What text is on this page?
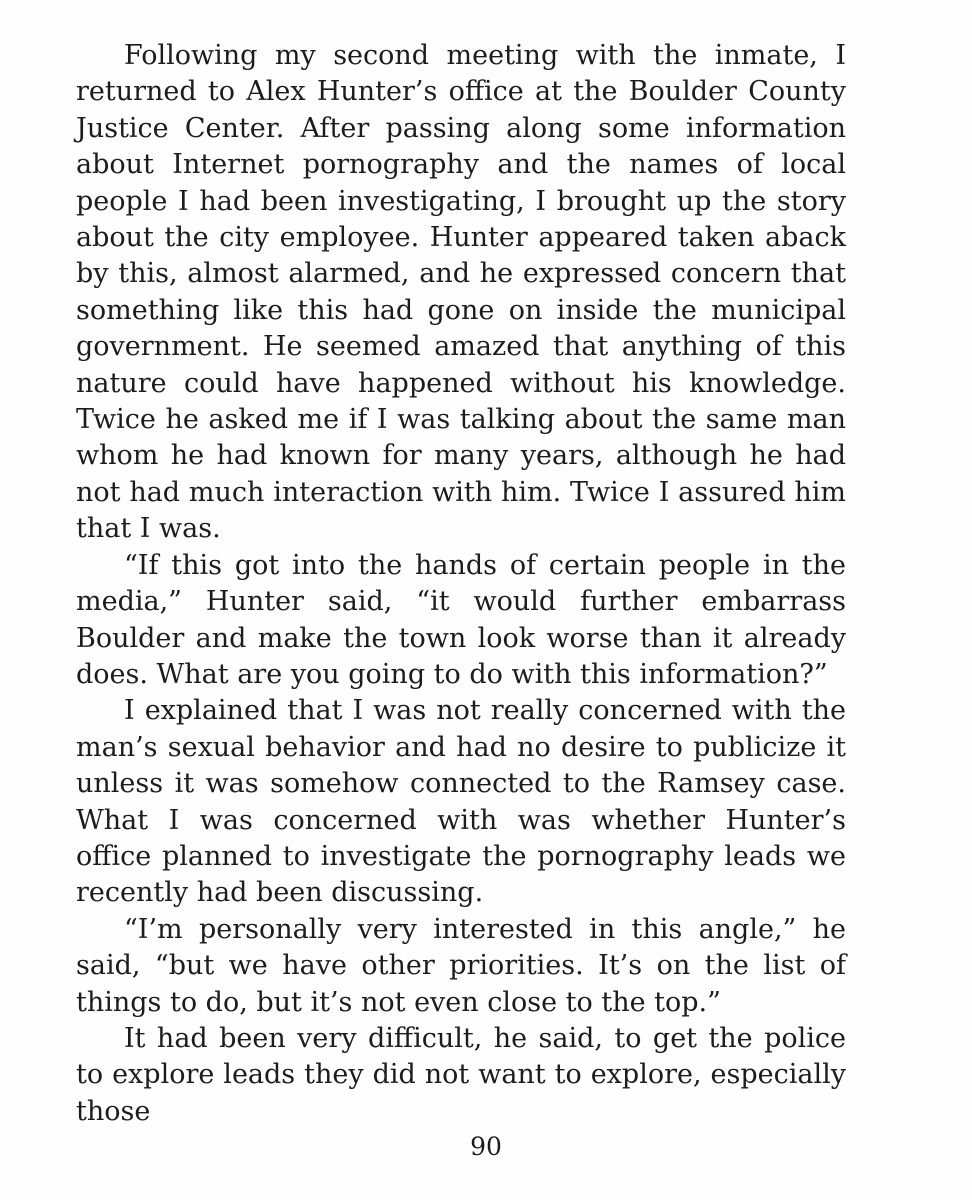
Following my second meeting with the inmate, I returned to Alex Hunter’s office at the Boulder County Justice Center. After passing along some information about Internet pornography and the names of local people I had been investigating, I brought up the story about the city employee. Hunter appeared taken aback by this, almost alarmed, and he expressed concern that something like this had gone on inside the municipal government. He seemed amazed that anything of this nature could have happened without his knowledge. Twice he asked me if I was talking about the same man whom he had known for many years, although he had not had much interaction with him. Twice I assured him that I was.

“If this got into the hands of certain people in the media,” Hunter said, “it would further embarrass Boulder and make the town look worse than it already does. What are you going to do with this information?”

I explained that I was not really concerned with the man’s sexual behavior and had no desire to publicize it unless it was somehow connected to the Ramsey case. What I was concerned with was whether Hunter’s office planned to investigate the pornography leads we recently had been discussing.

“I’m personally very interested in this angle,” he said, “but we have other priorities. It’s on the list of things to do, but it’s not even close to the top.”

It had been very difficult, he said, to get the police to explore leads they did not want to explore, especially those

90
